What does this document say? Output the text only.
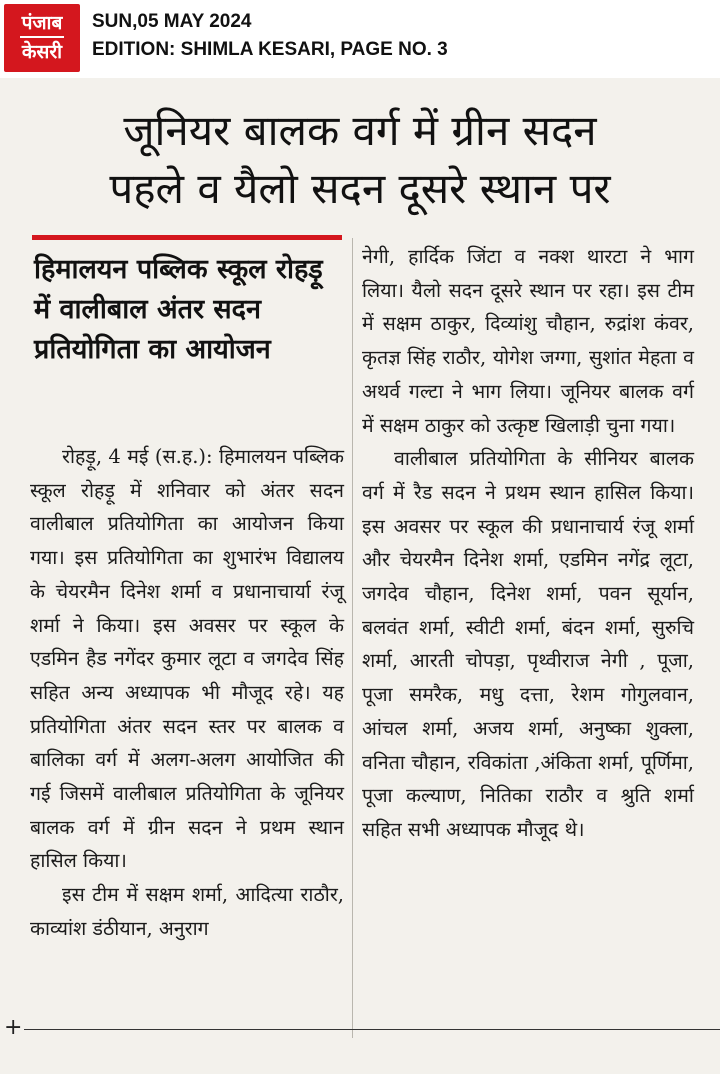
पंजाब
केसरी
SUN,05 MAY 2024
EDITION: SHIMLA KESARI, PAGE NO. 3
जूनियर बालक वर्ग में ग्रीन सदन
पहले व यैलो सदन दूसरे स्थान पर
हिमालयन पब्लिक स्कूल रोहड़ू में वालीबाल अंतर सदन प्रतियोगिता का आयोजन

रोहड़ू, 4 मई (स.ह.): हिमालयन पब्लिक स्कूल रोहड़ू में शनिवार को अंतर सदन वालीबाल प्रतियोगिता का आयोजन किया गया। इस प्रतियोगिता का शुभारंभ विद्यालय के चेयरमैन दिनेश शर्मा व प्रधानाचार्या रंजू शर्मा ने किया। इस अवसर पर स्कूल के एडमिन हैड नगेंदर कुमार लूटा व जगदेव सिंह सहित अन्य अध्यापक भी मौजूद रहे। यह प्रतियोगिता अंतर सदन स्तर पर बालक व बालिका वर्ग में अलग-अलग आयोजित की गई जिसमें वालीबाल प्रतियोगिता के जूनियर बालक वर्ग में ग्रीन सदन ने प्रथम स्थान हासिल किया।

इस टीम में सक्षम शर्मा, आदित्या राठौर, काव्यांश डंठीयान, अनुराग

नेगी, हार्दिक जिंटा व नक्श थारटा ने भाग लिया। यैलो सदन दूसरे स्थान पर रहा। इस टीम में सक्षम ठाकुर, दिव्यांशु चौहान, रुद्रांश कंवर, कृतज्ञ सिंह राठौर, योगेश जग्गा, सुशांत मेहता व अथर्व गल्टा ने भाग लिया। जूनियर बालक वर्ग में सक्षम ठाकुर को उत्कृष्ट खिलाड़ी चुना गया।

वालीबाल प्रतियोगिता के सीनियर बालक वर्ग में रैड सदन ने प्रथम स्थान हासिल किया। इस अवसर पर स्कूल की प्रधानाचार्य रंजू शर्मा और चेयरमैन दिनेश शर्मा, एडमिन नगेंद्र लूटा, जगदेव चौहान, दिनेश शर्मा, पवन सूर्यान, बलवंत शर्मा, स्वीटी शर्मा, बंदन शर्मा, सुरुचि शर्मा, आरती चोपड़ा, पृथ्वीराज नेगी , पूजा, पूजा समरैक, मधु दत्ता, रेशम गोगुलवान, आंचल शर्मा, अजय शर्मा, अनुष्का शुक्ला, वनिता चौहान, रविकांता ,अंकिता शर्मा, पूर्णिमा, पूजा कल्याण, नितिका राठौर व श्रुति शर्मा सहित सभी अध्यापक मौजूद थे।

+
